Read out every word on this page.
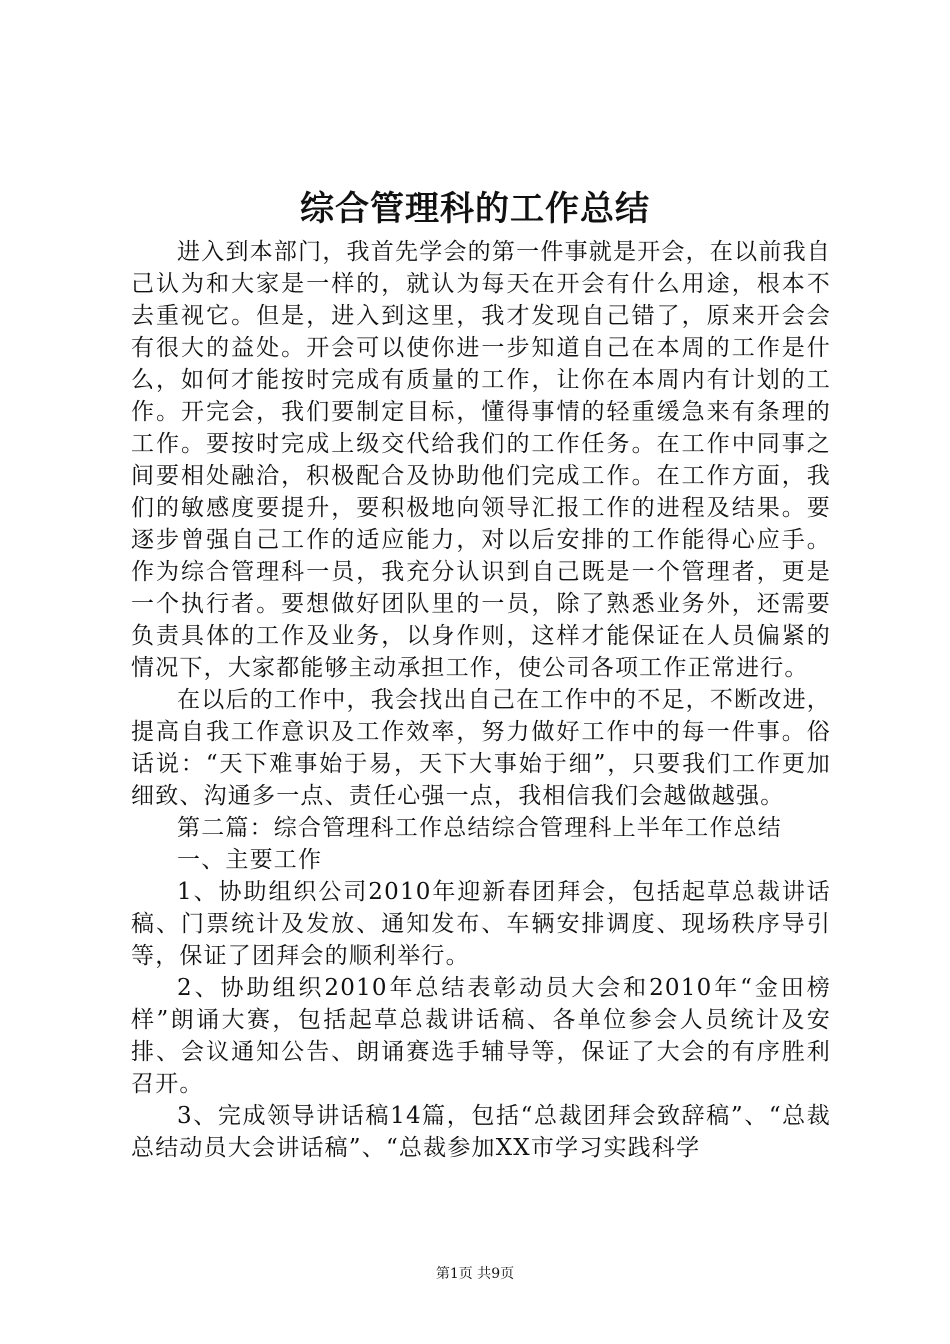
综合管理科的工作总结

进入到本部门，我首先学会的第一件事就是开会，在以前我自己认为和大家是一样的，就认为每天在开会有什么用途，根本不去重视它。但是，进入到这里，我才发现自己错了，原来开会会有很大的益处。开会可以使你进一步知道自己在本周的工作是什么，如何才能按时完成有质量的工作，让你在本周内有计划的工作。开完会，我们要制定目标，懂得事情的轻重缓急来有条理的工作。要按时完成上级交代给我们的工作任务。在工作中同事之间要相处融洽，积极配合及协助他们完成工作。在工作方面，我们的敏感度要提升，要积极地向领导汇报工作的进程及结果。要逐步曾强自己工作的适应能力，对以后安排的工作能得心应手。作为综合管理科一员，我充分认识到自己既是一个管理者，更是一个执行者。要想做好团队里的一员，除了熟悉业务外，还需要负责具体的工作及业务，以身作则，这样才能保证在人员偏紧的情况下，大家都能够主动承担工作，使公司各项工作正常进行。

在以后的工作中，我会找出自己在工作中的不足，不断改进，提高自我工作意识及工作效率，努力做好工作中的每一件事。俗话说：“天下难事始于易，天下大事始于细”，只要我们工作更加细致、沟通多一点、责任心强一点，我相信我们会越做越强。

第二篇：综合管理科工作总结综合管理科上半年工作总结

一、主要工作

1、协助组织公司2010年迎新春团拜会，包括起草总裁讲话稿、门票统计及发放、通知发布、车辆安排调度、现场秩序导引等，保证了团拜会的顺利举行。

2、协助组织2010年总结表彰动员大会和2010年“金田榜样”朗诵大赛，包括起草总裁讲话稿、各单位参会人员统计及安排、会议通知公告、朗诵赛选手辅导等，保证了大会的有序胜利召开。

3、完成领导讲话稿14篇，包括“总裁团拜会致辞稿”、“总裁总结动员大会讲话稿”、“总裁参加XX市学习实践科学

第1页 共9页
